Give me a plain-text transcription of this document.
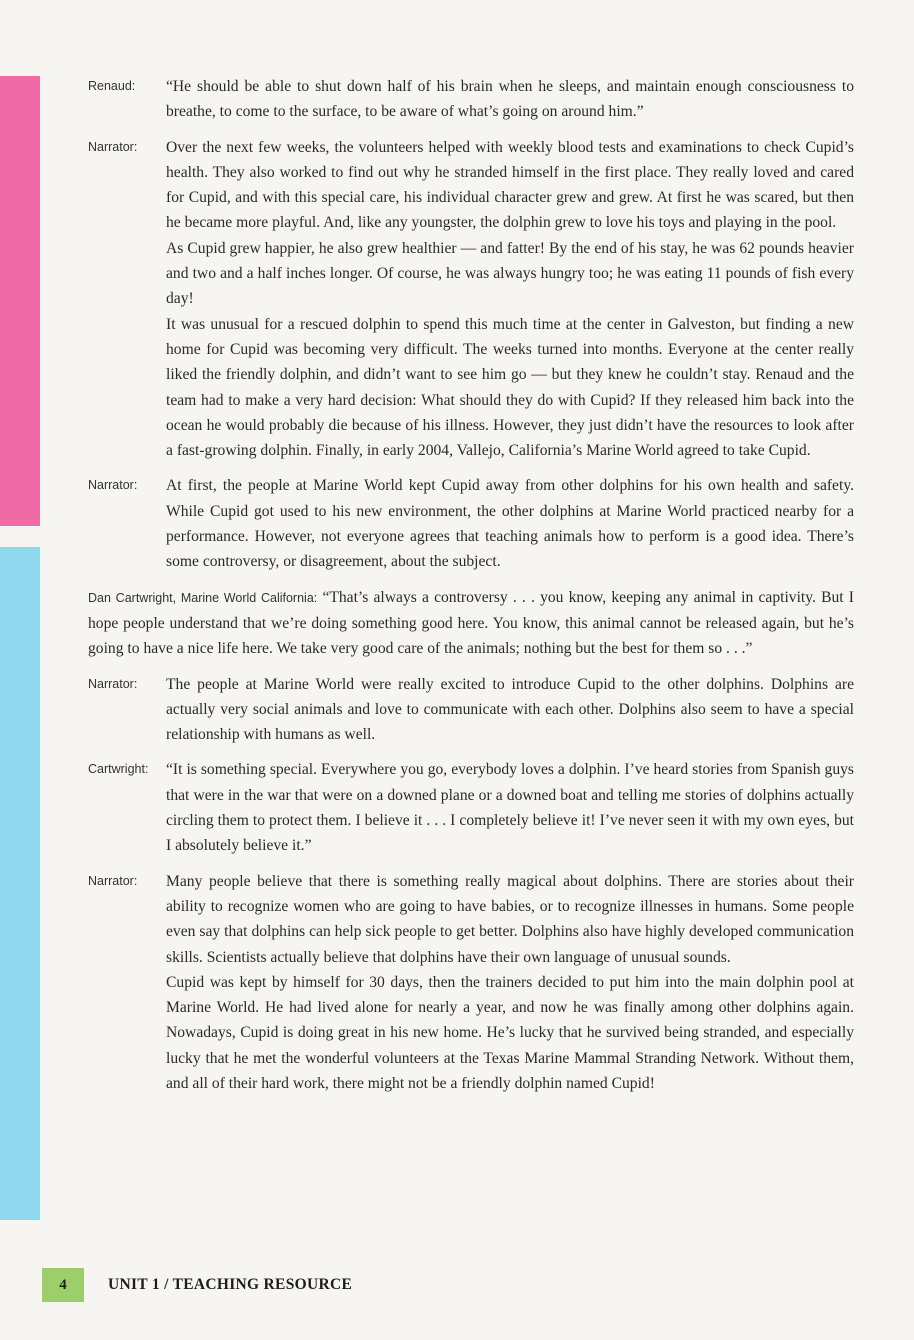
Renaud:	“He should be able to shut down half of his brain when he sleeps, and maintain enough consciousness to breathe, to come to the surface, to be aware of what’s going on around him.”

Narrator:	Over the next few weeks, the volunteers helped with weekly blood tests and examinations to check Cupid’s health. They also worked to find out why he stranded himself in the first place. They really loved and cared for Cupid, and with this special care, his individual character grew and grew. At first he was scared, but then he became more playful. And, like any youngster, the dolphin grew to love his toys and playing in the pool.

As Cupid grew happier, he also grew healthier — and fatter! By the end of his stay, he was 62 pounds heavier and two and a half inches longer. Of course, he was always hungry too; he was eating 11 pounds of fish every day!

It was unusual for a rescued dolphin to spend this much time at the center in Galveston, but finding a new home for Cupid was becoming very difficult. The weeks turned into months. Everyone at the center really liked the friendly dolphin, and didn’t want to see him go — but they knew he couldn’t stay. Renaud and the team had to make a very hard decision: What should they do with Cupid? If they released him back into the ocean he would probably die because of his illness. However, they just didn’t have the resources to look after a fast-growing dolphin. Finally, in early 2004, Vallejo, California’s Marine World agreed to take Cupid.

Narrator:	At first, the people at Marine World kept Cupid away from other dolphins for his own health and safety. While Cupid got used to his new environment, the other dolphins at Marine World practiced nearby for a performance. However, not everyone agrees that teaching animals how to perform is a good idea. There’s some controversy, or disagreement, about the subject.

Dan Cartwright, Marine World California: “That’s always a controversy . . . you know, keeping any animal in captivity. But I hope people understand that we’re doing something good here. You know, this animal cannot be released again, but he’s going to have a nice life here. We take very good care of the animals; nothing but the best for them so . . .”

Narrator:	The people at Marine World were really excited to introduce Cupid to the other dolphins. Dolphins are actually very social animals and love to communicate with each other. Dolphins also seem to have a special relationship with humans as well.

Cartwright:	“It is something special. Everywhere you go, everybody loves a dolphin. I’ve heard stories from Spanish guys that were in the war that were on a downed plane or a downed boat and telling me stories of dolphins actually circling them to protect them. I believe it . . . I completely believe it! I’ve never seen it with my own eyes, but I absolutely believe it.”

Narrator:	Many people believe that there is something really magical about dolphins. There are stories about their ability to recognize women who are going to have babies, or to recognize illnesses in humans. Some people even say that dolphins can help sick people to get better. Dolphins also have highly developed communication skills. Scientists actually believe that dolphins have their own language of unusual sounds.

Cupid was kept by himself for 30 days, then the trainers decided to put him into the main dolphin pool at Marine World. He had lived alone for nearly a year, and now he was finally among other dolphins again. Nowadays, Cupid is doing great in his new home. He’s lucky that he survived being stranded, and especially lucky that he met the wonderful volunteers at the Texas Marine Mammal Stranding Network. Without them, and all of their hard work, there might not be a friendly dolphin named Cupid!

4	UNIT 1 / TEACHING RESOURCE
